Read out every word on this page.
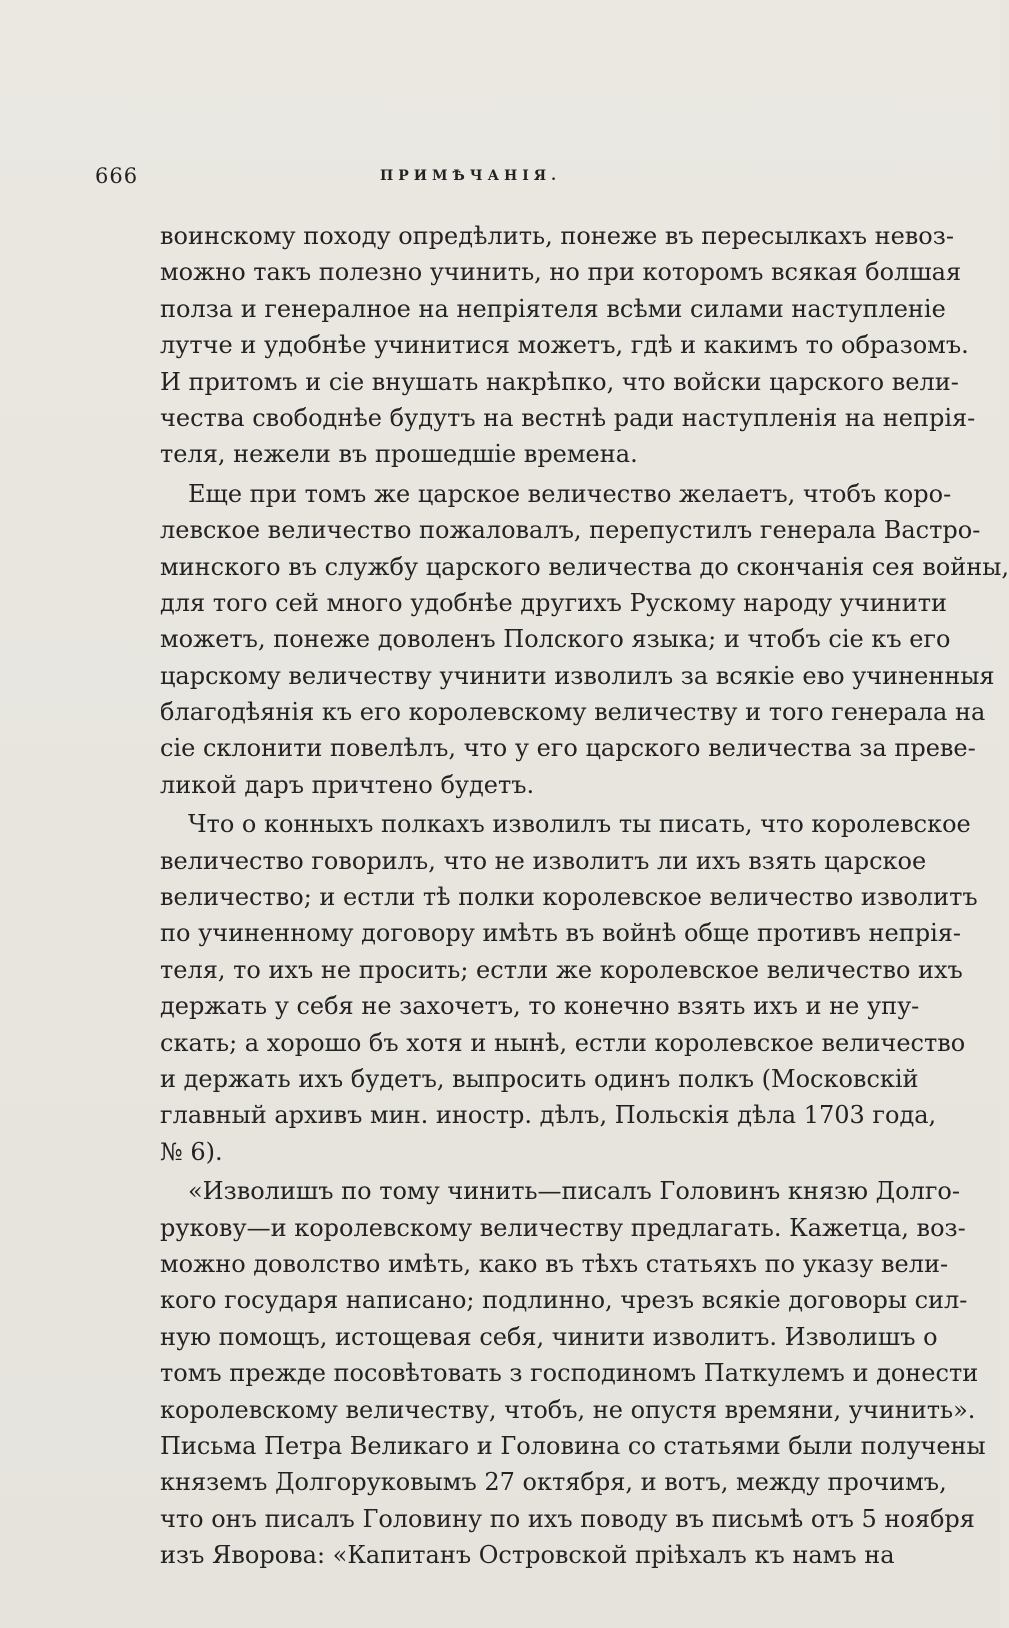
666	ПРИМѢЧАНІЯ.
воинскому походу опредѣлить, понеже въ пересылкахъ невоз-
можно такъ полезно учинить, но при которомъ всякая болшая
полза и генералное на непріятеля всѣми силами наступленіе
лутче и удобнѣе учинитися можетъ, гдѣ и какимъ то образомъ.
И притомъ и сіе внушать накрѣпко, что войски царского вели-
чества свободнѣе будутъ на вестнѣ ради наступленія на непрія-
теля, нежели въ прошедшіе времена.
Еще при томъ же царское величество желаетъ, чтобъ коро-
левское величество пожаловалъ, перепустилъ генерала Вастро-
минского въ службу царского величества до скончанія сея войны,
для того сей много удобнѣе другихъ Рускому народу учинити
можетъ, понеже доволенъ Полского языка; и чтобъ сіе къ его
царскому величеству учинити изволилъ за всякіе ево учиненныя
благодѣянія къ его королевскому величеству и того генерала на
сіе склонити повелѣлъ, что у его царского величества за преве-
ликой даръ причтено будетъ.
Что о конныхъ полкахъ изволилъ ты писать, что королевское
величество говорилъ, что не изволитъ ли ихъ взять царское
величество; и естли тѣ полки королевское величество изволитъ
по учиненному договору имѣть въ войнѣ обще противъ непрія-
теля, то ихъ не просить; естли же королевское величество ихъ
держать у себя не захочетъ, то конечно взять ихъ и не упу-
скать; а хорошо бъ хотя и нынѣ, естли королевское величество
и держать ихъ будетъ, выпросить одинъ полкъ (Московскій
главный архивъ мин. иностр. дѣлъ, Польскія дѣла 1703 года,
№ 6).
«Изволишъ по тому чинить—писалъ Головинъ князю Долго-
рукову—и королевскому величеству предлагать. Кажетца, воз-
можно доволство имѣть, како въ тѣхъ статьяхъ по указу вели-
кого государя написано; подлинно, чрезъ всякіе договоры сил-
ную помощъ, истощевая себя, чинити изволитъ. Изволишъ о
томъ прежде посовѣтовать з господиномъ Паткулемъ и донести
королевскому величеству, чтобъ, не опустя времяни, учинить».
Письма Петра Великаго и Головина со статьями были получены
княземъ Долгоруковымъ 27 октября, и вотъ, между прочимъ,
что онъ писалъ Головину по ихъ поводу въ письмѣ отъ 5 ноября
изъ Яворова: «Капитанъ Островской пріѣхалъ къ намъ на
